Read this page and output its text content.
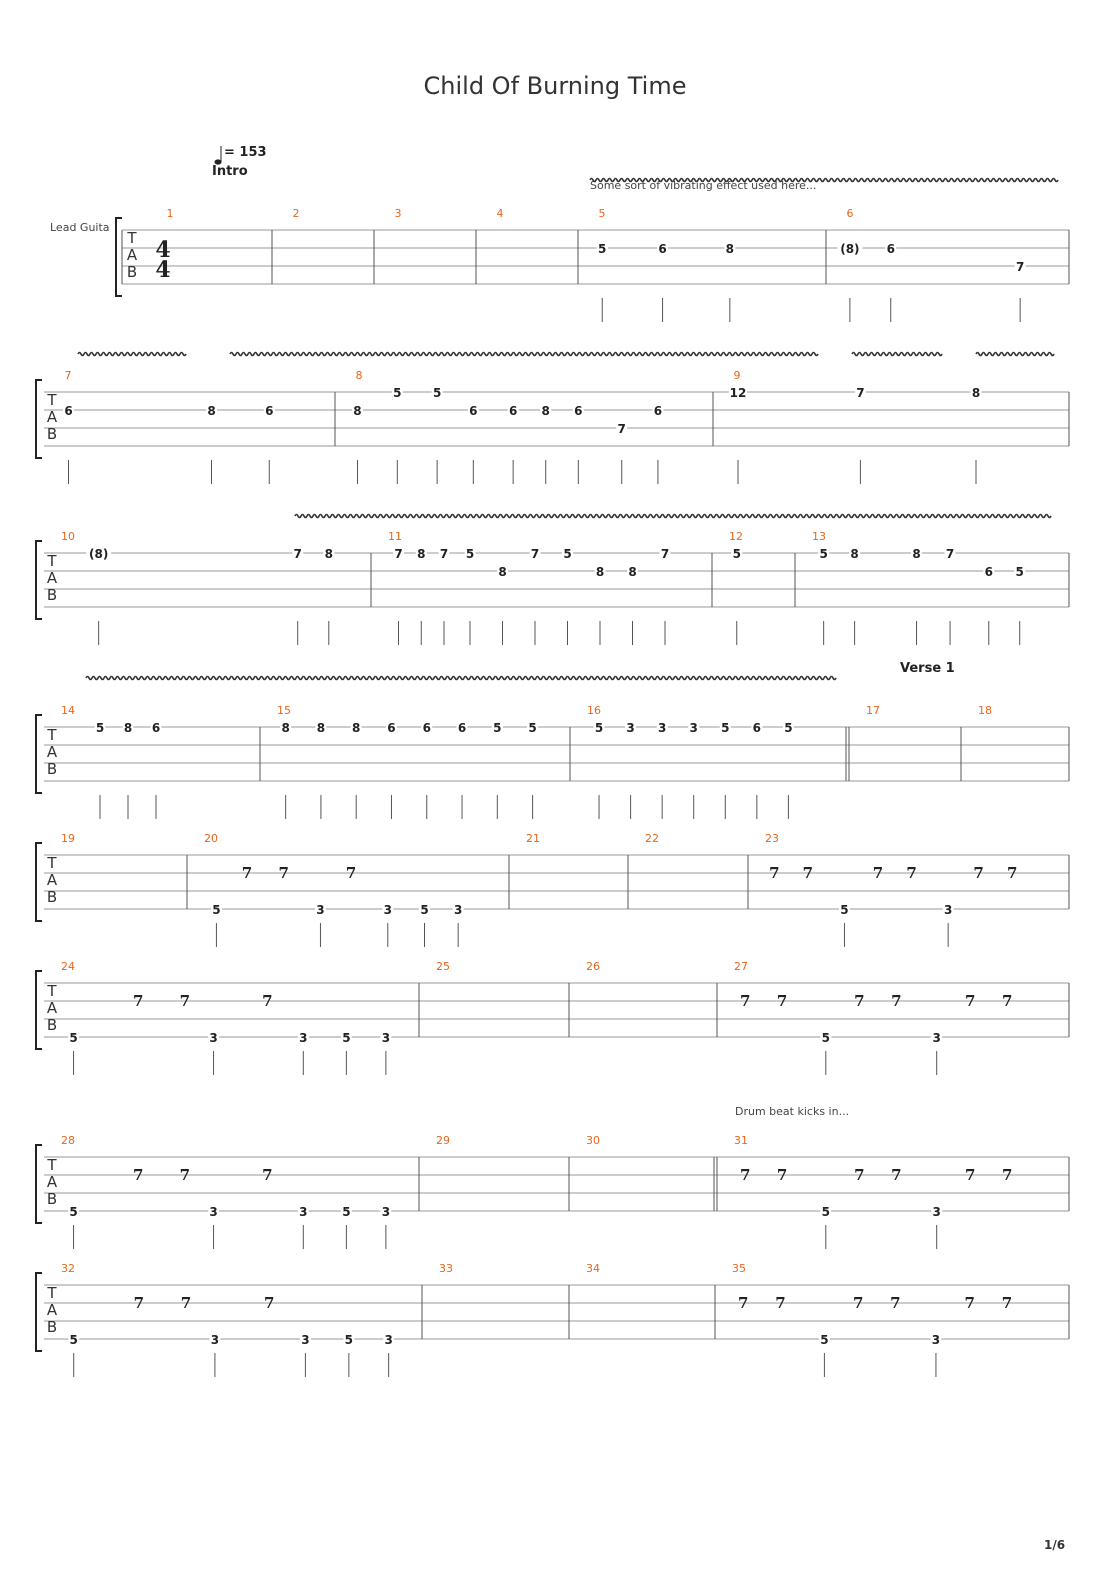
Child Of Burning Time
= 153
Intro
Verse 1
Some sort of vibrating effect used here...
Drum beat kicks in...
Lead Guita
1/6
T
A
B
4
4
1	2	3	4	5
5	6	8
6
(8) 6
7
T
A
B
7
6	8	6
8
8
5	5
6	6 8 6
7
6
9
12	7	8
T
A
B
10
(8)	7 8
11
7 8 7 5
8
7 5
8 8
7
12
5
13
5 8	8 7
6 5
T
A
B
14
5 8 6
15
8 8 8 6 6 6 5 5
16
5 3 3 3 5 6 5
17	18
T
A
B
19	20
5	3	3 5 3
7 7	7
21	22	23
5	3
7 7	7 7	7 7
T
A
B
24
5	3	3	5	3
7 7	7
25	26	27
5	3
7 7	7 7	7 7
T
A
B
28
5	3	3	5	3
7 7	7
29	30	31
5	3
7 7	7 7	7 7
T
A
B
32
5	3	3	5	3
7 7	7
33	34	35
5	3
7 7	7 7	7 7
